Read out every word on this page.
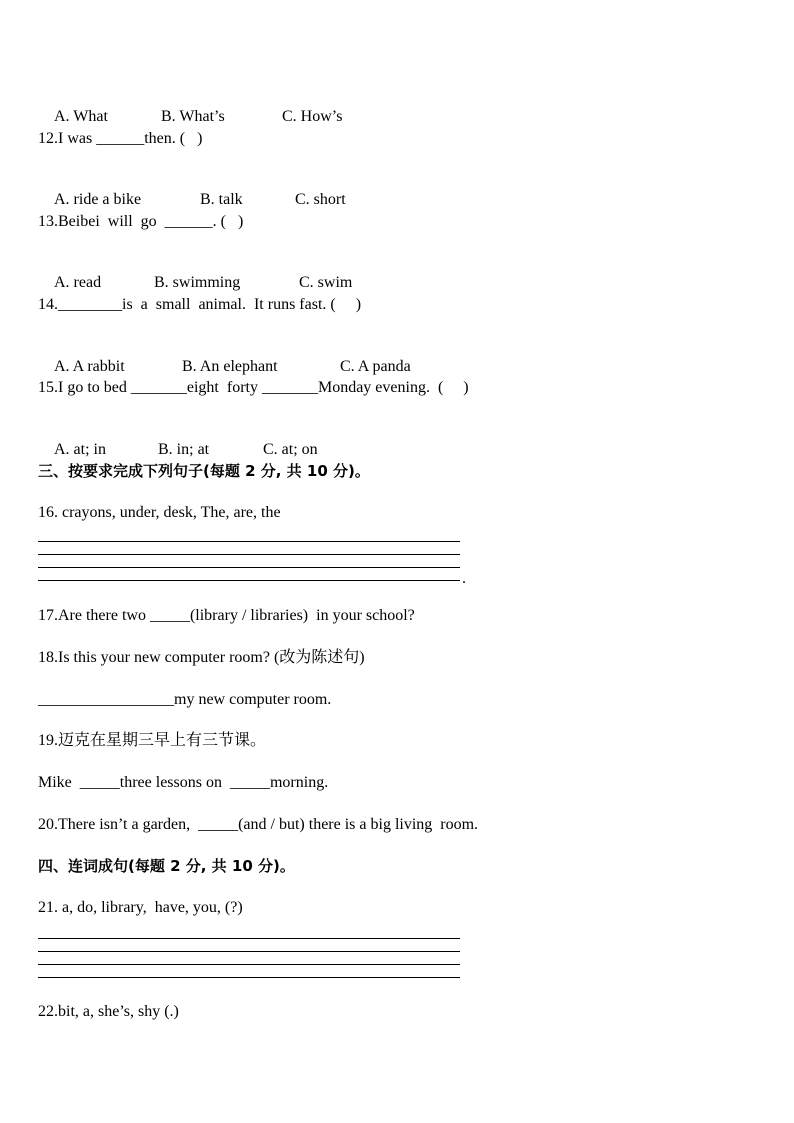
A. What	B. What’s	C. How’s

12.I was ______then. (   )

A. ride a bike	B. talk	C. short

13.Beibei  will  go  ______. (   )

A. read	B. swimming	C. swim

14.________is  a  small  animal.  It runs fast. (     )

A. A rabbit	B. An elephant	C. A panda

15.I go to bed _______eight  forty _______Monday evening.  (     )

A. at; in	B. in; at	C. at; on

三、按要求完成下列句子(每题 2 分, 共 10 分)。
16. crayons, under, desk, The, are, the
.
17.Are there two _____(library / libraries)  in your school?
18.Is this your new computer room? (改为陈述句)
_________________my new computer room.
19.迈克在星期三早上有三节课。
Mike  _____three lessons on  _____morning.
20.There isn’t a garden,  _____(and / but) there is a big living  room.
四、连词成句(每题 2 分, 共 10 分)。
21. a, do, library,  have, you, (?)
22.bit, a, she’s, shy (.)
